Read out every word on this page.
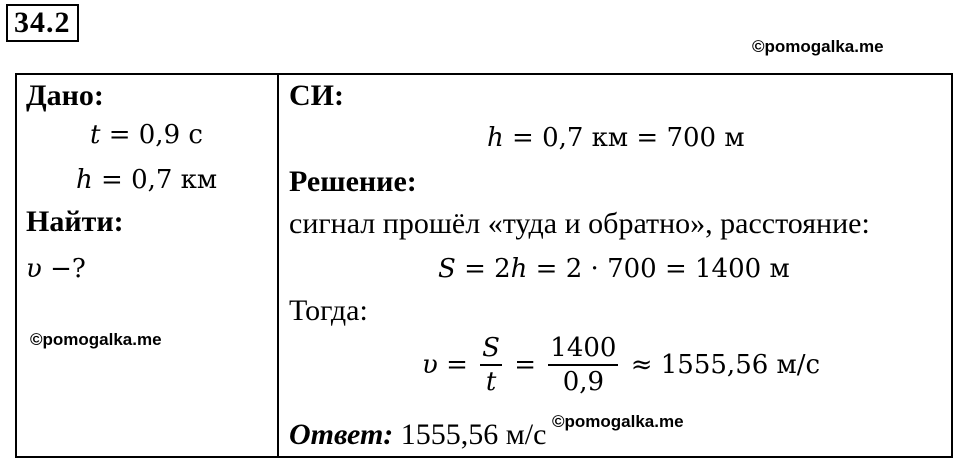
34.2
©pomogalka.me
Дано:
t = 0,9 с
h = 0,7 км
Найти:
υ −?
©pomogalka.me
СИ:
h = 0,7 км = 700 м
Решение:
сигнал прошёл «туда и обратно», расстояние:
S = 2h = 2 · 700 = 1400 м
Тогда:
$\upsilon = \frac{S}{t} = \frac{1400}{0,9} \approx 1555,56$ м/с
Ответ: 1555,56 м/с ©pomogalka.me
